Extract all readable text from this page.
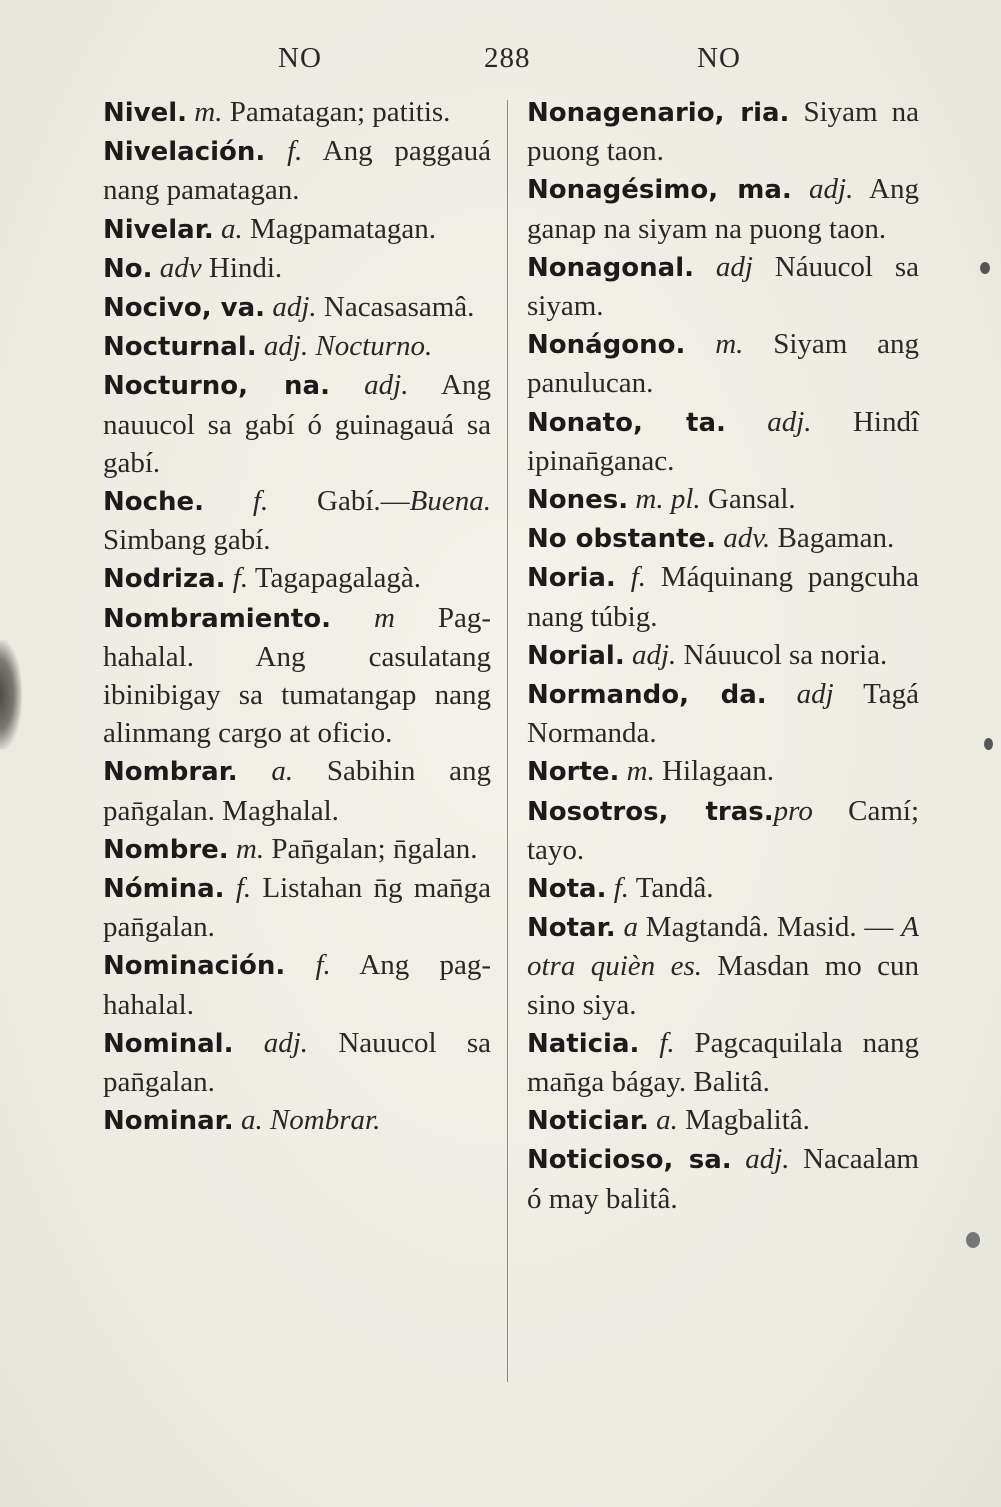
NO	288	NO
Nivel. m. Pamatagan; patitis.
Nivelación. f. Ang paggauá nang pamatagan.
Nivelar. a. Magpamatagan.
No. adv Hindi.
Nocivo, va. adj. Nacasasamâ.
Nocturnal. adj. Nocturno.
Nocturno, na. adj. Ang nauucol sa gabí ó guinagauá sa gabí.
Noche. f. Gabí.—Buena. Simbang gabí.
Nodriza. f. Tagapagalagà.
Nombramiento. m Paghahalal. Ang casulatang ibinibigay sa tumatangap nang alinmang cargo at oficio.
Nombrar. a. Sabihin ang pan̄galan. Maghalal.
Nombre. m. Pan̄galan; n̄galan.
Nómina. f. Listahan n̄g man̄ga pan̄galan.
Nominación. f. Ang paghahalal.
Nominal. adj. Nauucol sa pan̄galan.
Nominar. a. Nombrar.
Nonagenario, ria. Siyam na puong taon.
Nonagésimo, ma. adj. Ang ganap na siyam na puong taon.
Nonagonal. adj Náuucol sa siyam.
Nonágono. m. Siyam ang panulucan.
Nonato, ta. adj. Hindî ipinan̄ganac.
Nones. m. pl. Gansal.
No obstante. adv. Bagaman.
Noria. f. Máquinang pangcuha nang túbig.
Norial. adj. Náuucol sa noria.
Normando, da. adj Tagá Normanda.
Norte. m. Hilagaan.
Nosotros, tras.pro Camí; tayo.
Nota. f. Tandâ.
Notar. a Magtandâ. Masid. — A otra quièn es. Masdan mo cun sino siya.
Naticia. f. Pagcaquilala nang man̄ga bágay. Balitâ.
Noticiar. a. Magbalitâ.
Noticioso, sa. adj. Nacaalam ó may balitâ.
